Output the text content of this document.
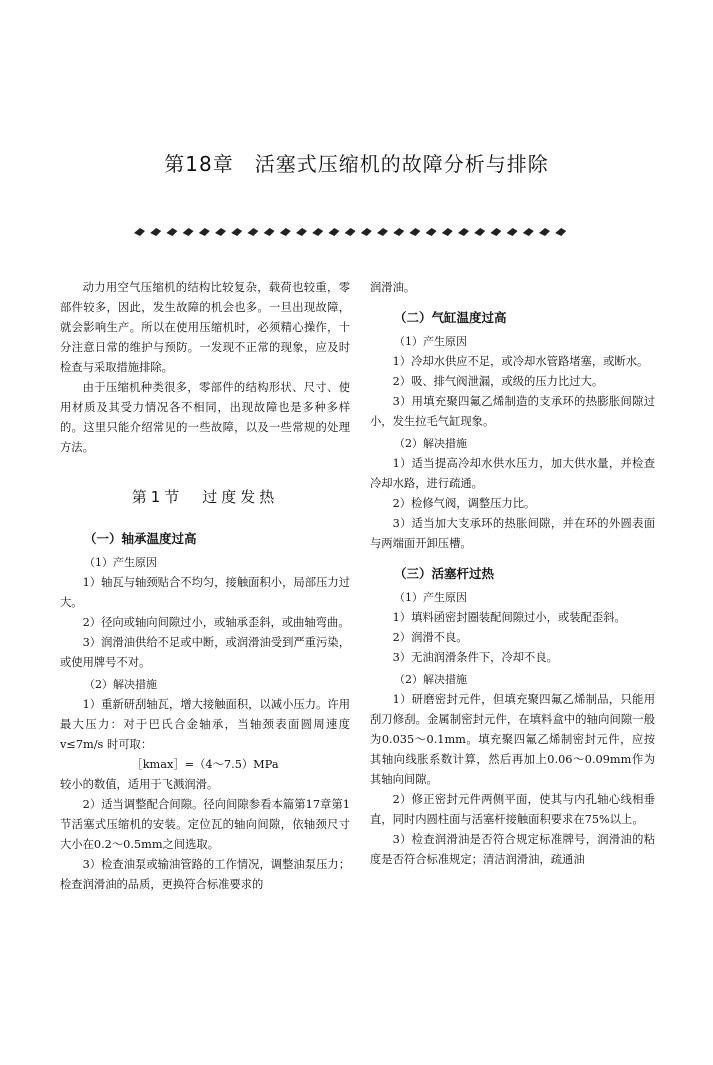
第18章　活塞式压缩机的故障分析与排除

动力用空气压缩机的结构比较复杂，载荷也较重，零部件较多，因此，发生故障的机会也多。一旦出现故障，就会影响生产。所以在使用压缩机时，必须精心操作，十分注意日常的维护与预防。一发现不正常的现象，应及时检查与采取措施排除。

由于压缩机种类很多，零部件的结构形状、尺寸、使用材质及其受力情况各不相同，出现故障也是多种多样的。这里只能介绍常见的一些故障，以及一些常规的处理方法。

第1节　过度发热
（一）轴承温度过高

（1）产生原因

1）轴瓦与轴颈贴合不均匀，接触面积小，局部压力过大。

2）径向或轴向间隙过小，或轴承歪斜，或曲轴弯曲。

3）润滑油供给不足或中断，或润滑油受到严重污染，或使用牌号不对。

（2）解决措施

1）重新研刮轴瓦，增大接触面积，以减小压力。许用最大压力：对于巴氏合金轴承，当轴颈表面圆周速度 v≤7m/s 时可取：

［kmax］=（4～7.5）MPa

较小的数值，适用于飞溅润滑。

2）适当调整配合间隙。径向间隙参看本篇第17章第1节活塞式压缩机的安装。定位瓦的轴向间隙，依轴颈尺寸大小在0.2～0.5mm之间选取。

3）检查油泵或输油管路的工作情况，调整油泵压力；检查润滑油的品质，更换符合标准要求的

润滑油。

（二）气缸温度过高

（1）产生原因

1）冷却水供应不足，或冷却水管路堵塞，或断水。

2）吸、排气阀泄漏，或级的压力比过大。

3）用填充聚四氟乙烯制造的支承环的热膨胀间隙过小，发生拉毛气缸现象。

（2）解决措施

1）适当提高冷却水供水压力，加大供水量，并检查冷却水路，进行疏通。

2）检修气阀，调整压力比。

3）适当加大支承环的热胀间隙，并在环的外圆表面与两端面开卸压槽。

（三）活塞杆过热

（1）产生原因

1）填料函密封圈装配间隙过小，或装配歪斜。

2）润滑不良。

3）无油润滑条件下，冷却不良。

（2）解决措施

1）研磨密封元件，但填充聚四氟乙烯制品，只能用刮刀修刮。金属制密封元件，在填料盒中的轴向间隙一般为0.035～0.1mm。填充聚四氟乙烯制密封元件，应按其轴向线胀系数计算，然后再加上0.06～0.09mm作为其轴向间隙。

2）修正密封元件两侧平面，使其与内孔轴心线相垂直，同时内圆柱面与活塞杆接触面积要求在75%以上。

3）检查润滑油是否符合规定标准牌号，润滑油的粘度是否符合标准规定；清洁润滑油，疏通油
